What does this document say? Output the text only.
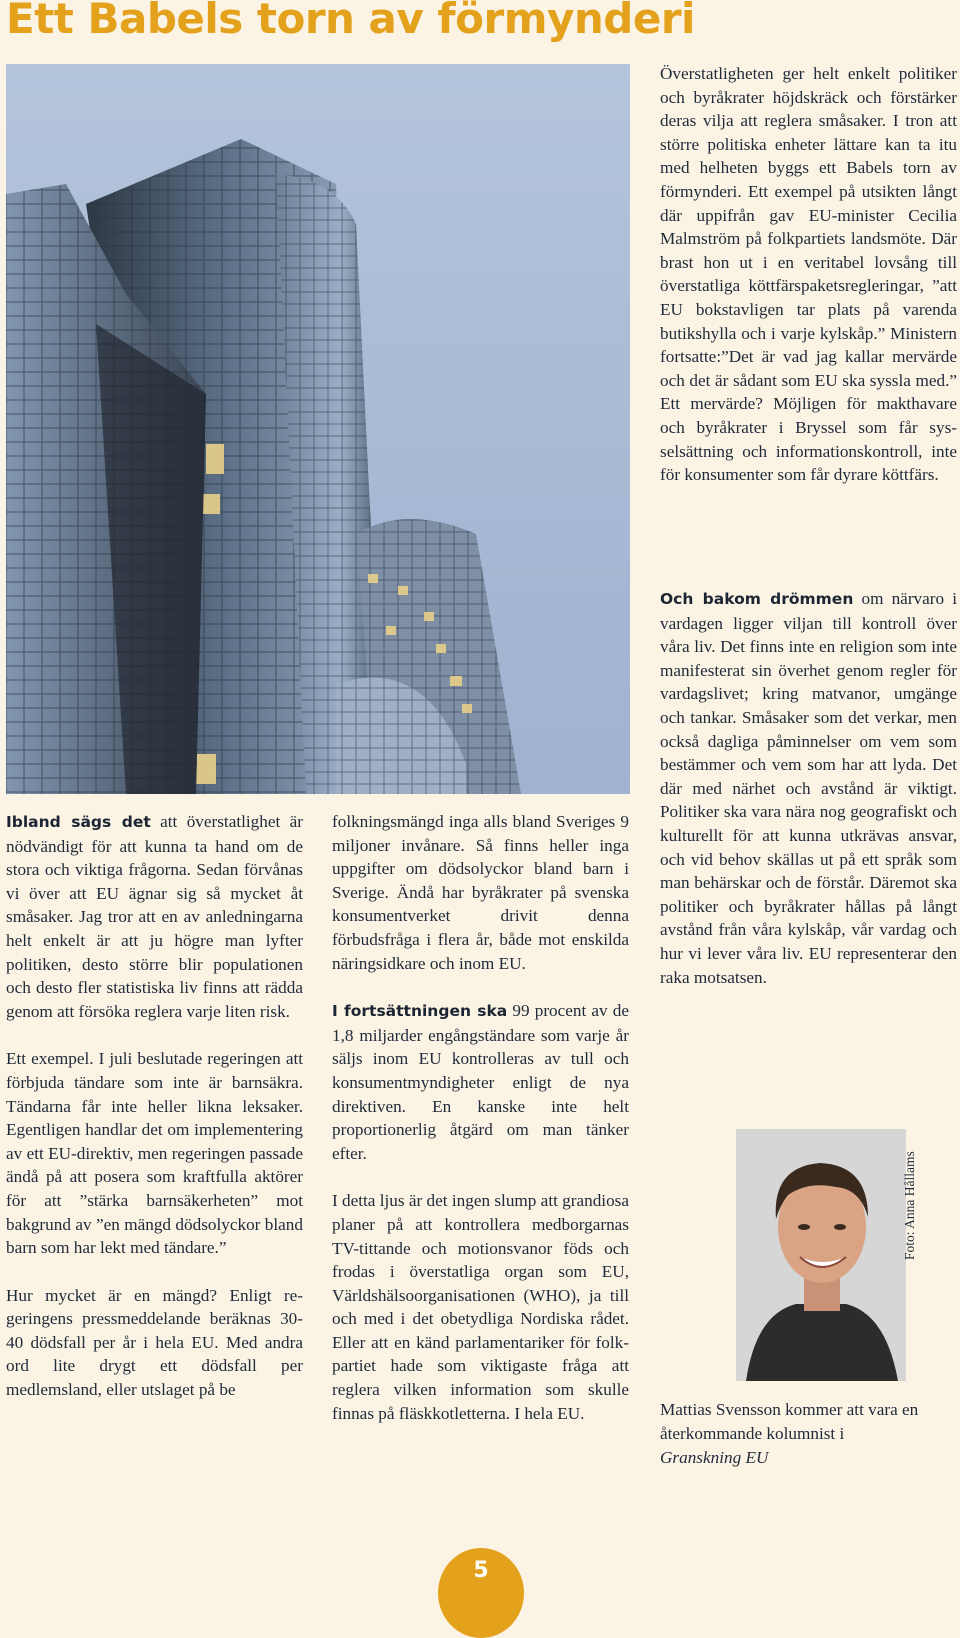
Ett Babels torn av förmynderi

Ibland sägs det att överstatlighet är nödvändigt för att kunna ta hand om de stora och viktiga frågorna. Sedan förvånas vi över att EU ägnar sig så mycket åt småsaker. Jag tror att en av anledningarna helt enkelt är att ju högre man lyfter politiken, desto större blir populationen och desto fler statistiska liv finns att rädda genom att försöka reglera varje liten risk.

Ett exempel. I juli beslutade regeringen att förbjuda tändare som inte är barnsäkra. Tändarna får inte heller likna leksaker. Egentligen handlar det om implementering av ett EU-direktiv, men regeringen passade ändå på att posera som kraftfulla aktörer för att ”stärka barnsäkerheten” mot bakgrund av ”en mängd dödsolyckor bland barn som har lekt med tändare.”

Hur mycket är en mängd? Enligt regeringens pressmeddelande beräknas 30-40 dödsfall per år i hela EU. Med andra ord lite drygt ett dödsfall per medlemsland, eller utslaget på be

folkningsmängd inga alls bland Sveriges 9 miljoner invånare. Så finns heller inga uppgifter om dödsolyckor bland barn i Sverige. Ändå har byråkrater på svenska konsumentverket drivit denna förbudsfråga i flera år, både mot enskilda näringsidkare och inom EU.

I fortsättningen ska 99 procent av de 1,8 miljarder engångständare som varje år säljs inom EU kontrolleras av tull och konsumentmyndigheter enligt de nya direktiven. En kanske inte helt proportionerlig åtgärd om man tänker efter.

I detta ljus är det ingen slump att grandiosa planer på att kontrollera medborgarnas TV-tittande och motionsvanor föds och frodas i överstatliga organ som EU, Världshälsoorganisationen (WHO), ja till och med i det obetydliga Nordiska rådet. Eller att en känd parlamentariker för folkpartiet hade som viktigaste fråga att reglera vilken information som skulle finnas på fläskkotletterna. I hela EU.

Överstatligheten ger helt enkelt politiker och byråkrater höjdskräck och förstärker deras vilja att reglera småsaker. I tron att större politiska enheter lättare kan ta itu med helheten byggs ett Babels torn av förmynderi. Ett exempel på utsikten långt där uppifrån gav EU-minister Cecilia Malmström på folkpartiets landsmöte. Där brast hon ut i en veritabel lovsång till överstatliga köttfärspaketsregleringar, ”att EU bokstavligen tar plats på varenda butikshylla och i varje kylskåp.” Ministern fortsatte:”Det är vad jag kallar mervärde och det är sådant som EU ska syssla med.” Ett mervärde? Möjligen för makthavare och byråkrater i Bryssel som får sysselsättning och informationskontroll, inte för konsumenter som får dyrare köttfärs.

Och bakom drömmen om närvaro i vardagen ligger viljan till kontroll över våra liv. Det finns inte en religion som inte manifesterat sin överhet genom regler för vardagslivet; kring matvanor, umgänge och tankar. Småsaker som det verkar, men också dagliga påminnelser om vem som bestämmer och vem som har att lyda. Det där med närhet och avstånd är viktigt. Politiker ska vara nära nog geografiskt och kulturellt för att kunna utkrävas ansvar, och vid behov skällas ut på ett språk som man behärskar och de förstår. Däremot ska politiker och byråkrater hållas på långt avstånd från våra kylskåp, vår vardag och hur vi lever våra liv. EU representerar den raka motsatsen.

Foto: Anna Hållams
Mattias Svensson kommer att vara en återkommande kolumnist i
Granskning EU
5
